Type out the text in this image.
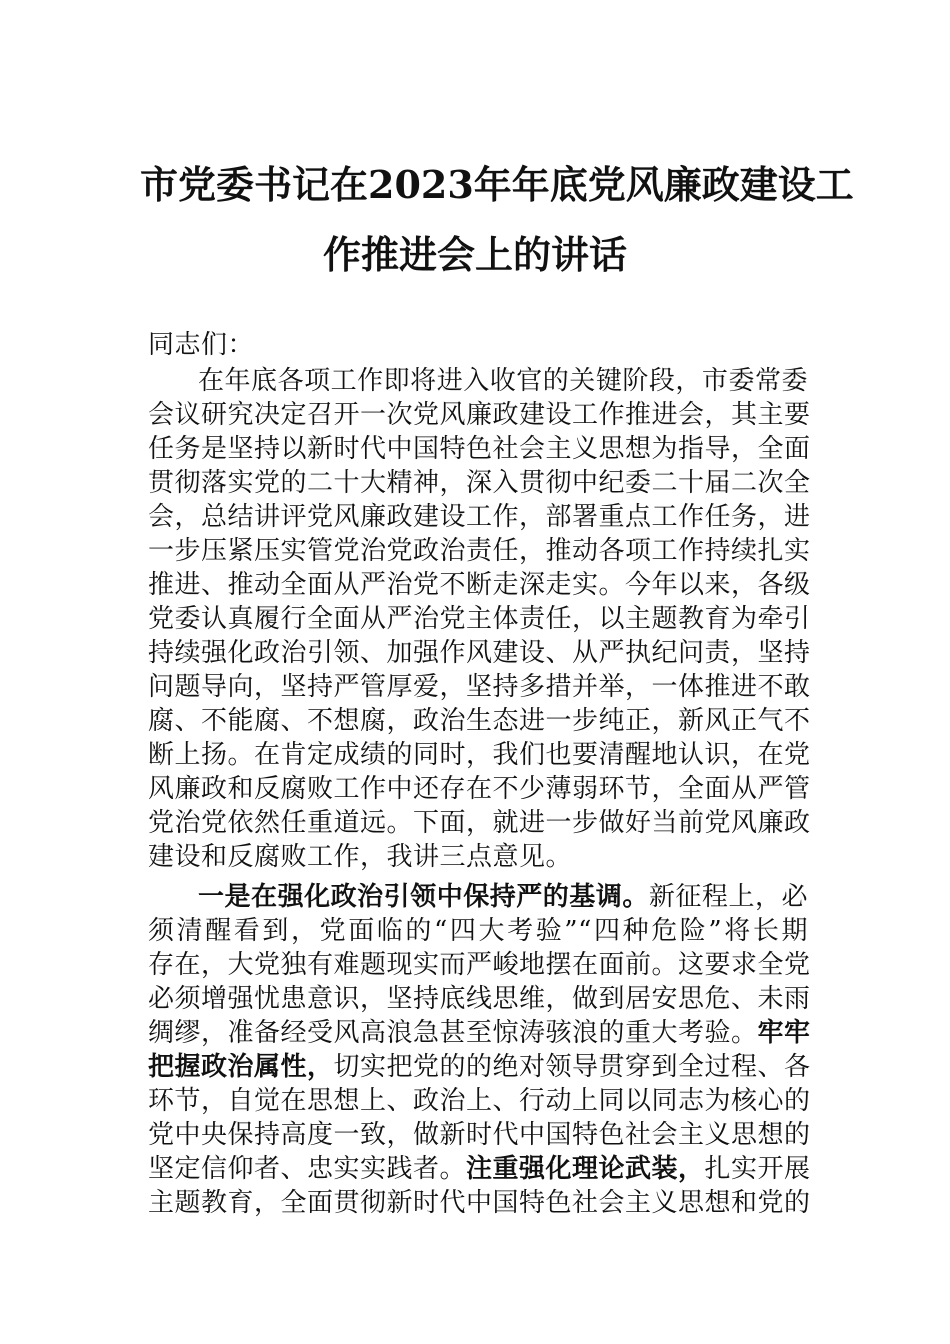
市党委书记在2023年年底党风廉政建设工
作推进会上的讲话
同志们：
在年底各项工作即将进入收官的关键阶段，市委常委
会议研究决定召开一次党风廉政建设工作推进会，其主要
任务是坚持以新时代中国特色社会主义思想为指导，全面
贯彻落实党的二十大精神，深入贯彻中纪委二十届二次全
会，总结讲评党风廉政建设工作，部署重点工作任务，进
一步压紧压实管党治党政治责任，推动各项工作持续扎实
推进、推动全面从严治党不断走深走实。今年以来，各级
党委认真履行全面从严治党主体责任，以主题教育为牵引
持续强化政治引领、加强作风建设、从严执纪问责，坚持
问题导向，坚持严管厚爱，坚持多措并举，一体推进不敢
腐、不能腐、不想腐，政治生态进一步纯正，新风正气不
断上扬。在肯定成绩的同时，我们也要清醒地认识，在党
风廉政和反腐败工作中还存在不少薄弱环节，全面从严管
党治党依然任重道远。下面，就进一步做好当前党风廉政
建设和反腐败工作，我讲三点意见。
一是在强化政治引领中保持严的基调。新征程上，必
须清醒看到，党面临的“四大考验”“四种危险”将长期
存在，大党独有难题现实而严峻地摆在面前。这要求全党
必须增强忧患意识，坚持底线思维，做到居安思危、未雨
绸缪，准备经受风高浪急甚至惊涛骇浪的重大考验。牢牢
把握政治属性，切实把党的的绝对领导贯穿到全过程、各
环节，自觉在思想上、政治上、行动上同以同志为核心的
党中央保持高度一致，做新时代中国特色社会主义思想的
坚定信仰者、忠实实践者。注重强化理论武装，扎实开展
主题教育，全面贯彻新时代中国特色社会主义思想和党的
